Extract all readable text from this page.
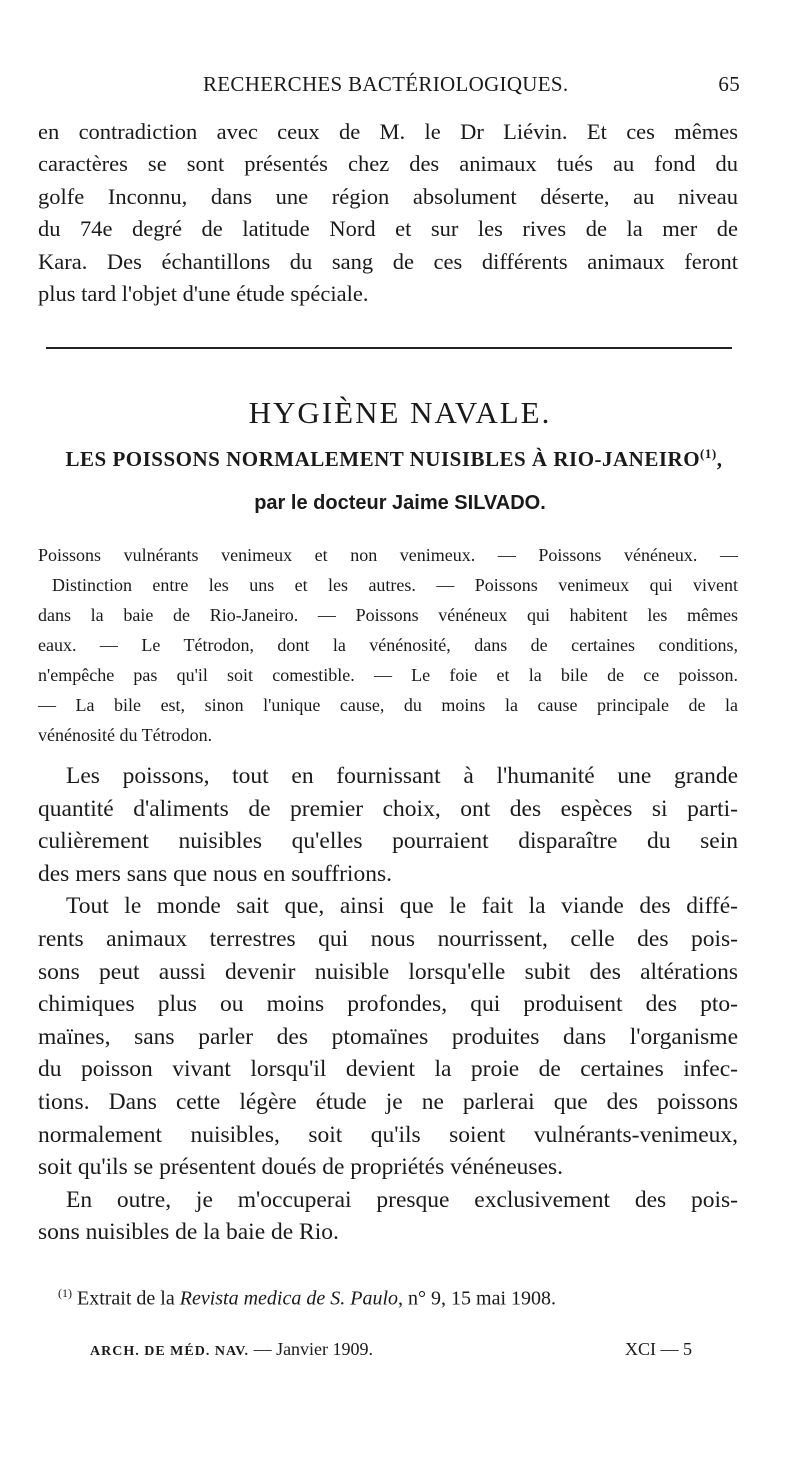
RECHERCHES BACTÉRIOLOGIQUES.	65
en contradiction avec ceux de M. le Dr Liévin. Et ces mêmes
caractères se sont présentés chez des animaux tués au fond du
golfe Inconnu, dans une région absolument déserte, au niveau
du 74e degré de latitude Nord et sur les rives de la mer de
Kara. Des échantillons du sang de ces différents animaux feront
plus tard l'objet d'une étude spéciale.
HYGIÈNE NAVALE.
LES POISSONS NORMALEMENT NUISIBLES À RIO-JANEIRO$^{(1)}$,
par le docteur Jaime SILVADO.
Poissons vulnérants venimeux et non venimeux. — Poissons vénéneux. —
Distinction entre les uns et les autres. — Poissons venimeux qui vivent
dans la baie de Rio-Janeiro. — Poissons vénéneux qui habitent les mêmes
eaux. — Le Tétrodon, dont la vénénosité, dans de certaines conditions,
n'empêche pas qu'il soit comestible. — Le foie et la bile de ce poisson.
— La bile est, sinon l'unique cause, du moins la cause principale de la
vénénosité du Tétrodon.
Les poissons, tout en fournissant à l'humanité une grande
quantité d'aliments de premier choix, ont des espèces si parti-
culièrement nuisibles qu'elles pourraient disparaître du sein
des mers sans que nous en souffrions.
Tout le monde sait que, ainsi que le fait la viande des diffé-
rents animaux terrestres qui nous nourrissent, celle des pois-
sons peut aussi devenir nuisible lorsqu'elle subit des altérations
chimiques plus ou moins profondes, qui produisent des pto-
maïnes, sans parler des ptomaïnes produites dans l'organisme
du poisson vivant lorsqu'il devient la proie de certaines infec-
tions. Dans cette légère étude je ne parlerai que des poissons
normalement nuisibles, soit qu'ils soient vulnérants-venimeux,
soit qu'ils se présentent doués de propriétés vénéneuses.
En outre, je m'occuperai presque exclusivement des pois-
sons nuisibles de la baie de Rio.
$^{(1)}$ Extrait de la Revista medica de S. Paulo, n° 9, 15 mai 1908.
ARCH. DE MÉD. NAV. — Janvier 1909.	XCI — 5
